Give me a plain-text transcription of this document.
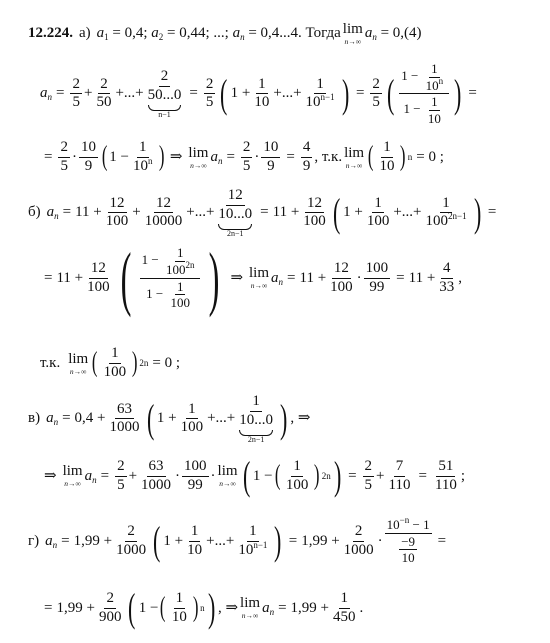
12.224. а) $a_1 = 0,4$; $a_2 = 0,44$; ...; $a_n = 0,4...4$. Тогда lim
n→∞
$a_n = 0,(4)$
$a_n = \frac{2}{5} + \frac{2}{50}$ +...+ 2
50...0
$n-1 = \frac{2}{5}$ ( $1 + \frac{1}{10}$ +...+ $\frac{1}{10^{n-1}}$ ) = $\frac{2}{5}$ ( $1 - \frac{1}{10^n}$
$1 - \frac{1}{10}$ ) =
= $\frac{2}{5}$ ·
10
9 ( $1 - \frac{1}{10^n}$ ) ⇒ lim
n→∞
$a_n = \frac{2}{5} \cdot \frac{10}{9} = \frac{4}{9}$ , т.к. lim
n→∞ ( 1
10 ) n = 0 ;
б) $a_n = 11 + \frac{12}{100} + \frac{12}{10000}$ +...+ 12
10...0
$2n-1 = 11 + \frac{12}{100}$ ( $1 + \frac{1}{100}$ +...+ $\frac{1}{100^{2n-1}}$ ) =
= $11 + \frac{12}{100}$ ( $1 - \frac{1}{100^{2n}}$
$1 - \frac{1}{100}$ ) ⇒ lim
n→∞
$a_n = 11 + \frac{12}{100} \cdot \frac{100}{99} = 11 + \frac{4}{33}$ ,
т.к. lim
n→∞ ( 1
100 ) 2n = 0 ;
в) $a_n = 0,4 + \frac{63}{1000}$ ( $1 + \frac{1}{100}$ +...+ 1
10...0
2n−1 ) , ⇒
⇒ lim
n→∞
$a_n = \frac{2}{5} + \frac{63}{1000}$ ·
100
99
· lim
n→∞ ( 1 − ( 1
100 ) 2n ) = $\frac{2}{5} + \frac{7}{110} = \frac{51}{110}$ ;
г) $a_n = 1,99 + \frac{2}{1000}$ ( $1 + \frac{1}{10}$ +...+ $\frac{1}{10^{n-1}}$ ) = $1,99 + \frac{2}{1000} \cdot \frac{10^{-n} - 1}{\frac{-9}{10}}$ =
= $1,99 + \frac{2}{900}$ ( 1 − ( 1
10 ) n ) , ⇒ lim
n→∞
$a_n = 1,99 + \frac{1}{450}$ .
